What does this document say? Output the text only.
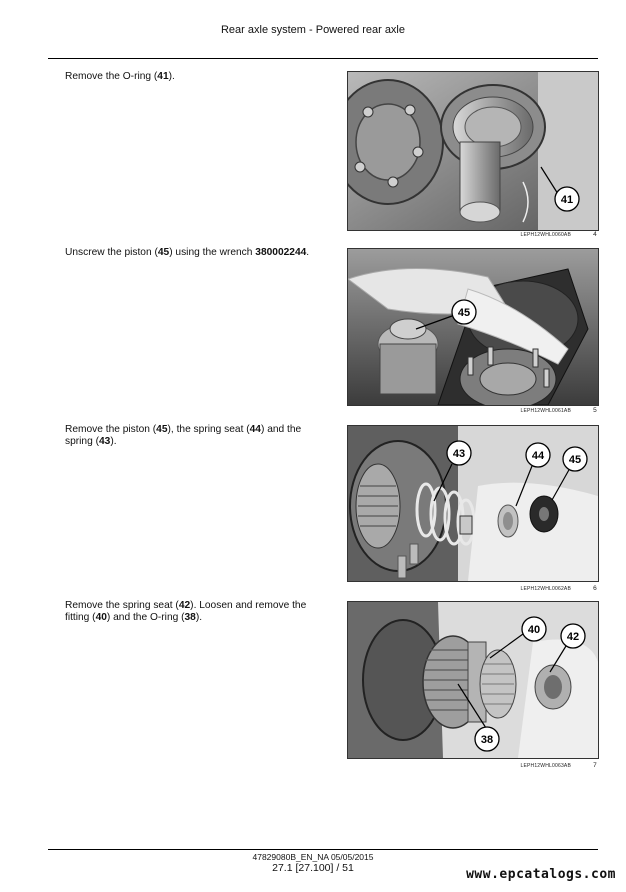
Rear axle system - Powered rear axle
Remove the O-ring (41).
41
LEPH12WHL0060AB	4
Unscrew the piston (45) using the wrench 380002244.
45
LEPH12WHL0061AB	5
Remove the piston (45), the spring seat (44) and the spring (43).
43	44 45
LEPH12WHL0062AB	6
Remove the spring seat (42). Loosen and remove the fitting (40) and the O-ring (38).
40
42
38
LEPH12WHL0063AB	7
47829080B_EN_NA 05/05/2015
27.1 [27.100] / 51	www.epcatalogs.com
